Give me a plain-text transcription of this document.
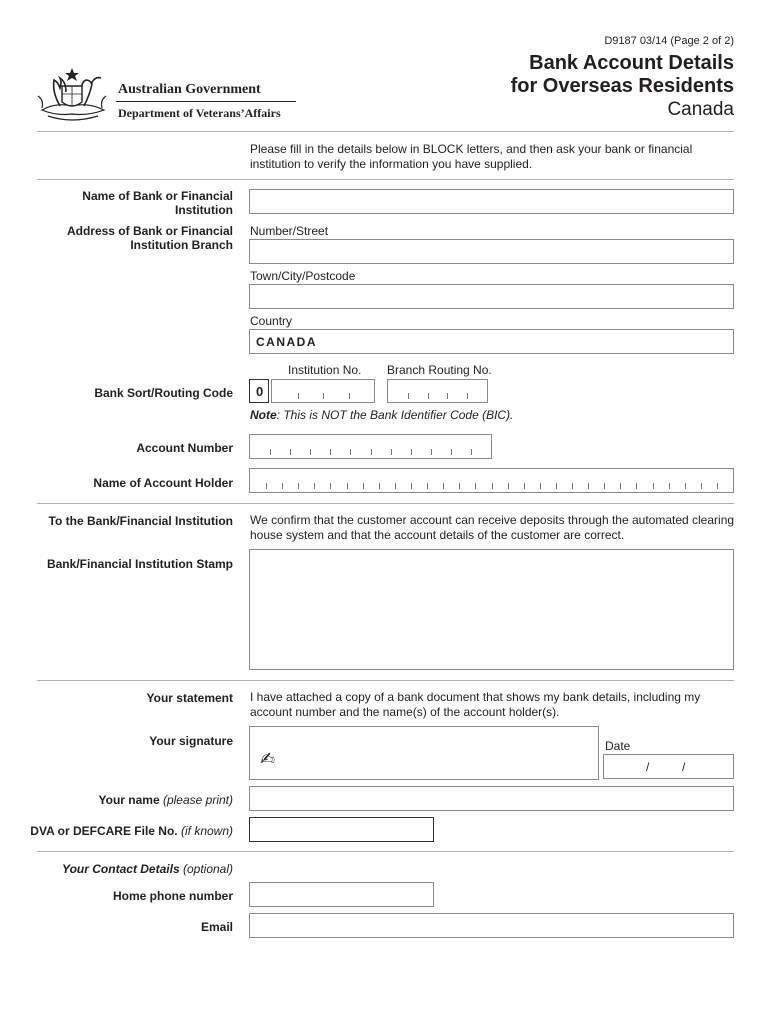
D9187 03/14 (Page 2 of 2)
Bank Account Details
for Overseas Residents
Canada
Australian Government
Department of Veterans’Affairs
Please fill in the details below in BLOCK letters, and then ask your bank or financial institution to verify the information you have supplied.
Name of Bank or Financial Institution
Address of Bank or Financial Institution Branch
Number/Street
Town/City/Postcode
Country
CANADA
Institution No. Branch Routing No.
Bank Sort/Routing Code 0
Note: This is NOT the Bank Identifier Code (BIC).
Account Number
Name of Account Holder
To the Bank/Financial Institution We confirm that the customer account can receive deposits through the automated clearing house system and that the account details of the customer are correct.
Bank/Financial Institution Stamp
Your statement I have attached a copy of a bank document that shows my bank details, including my account number and the name(s) of the account holder(s).
Your signature
✍
Date
/	/
Your name (please print)
DVA or DEFCARE File No. (if known)
Your Contact Details (optional)
Home phone number
Email
